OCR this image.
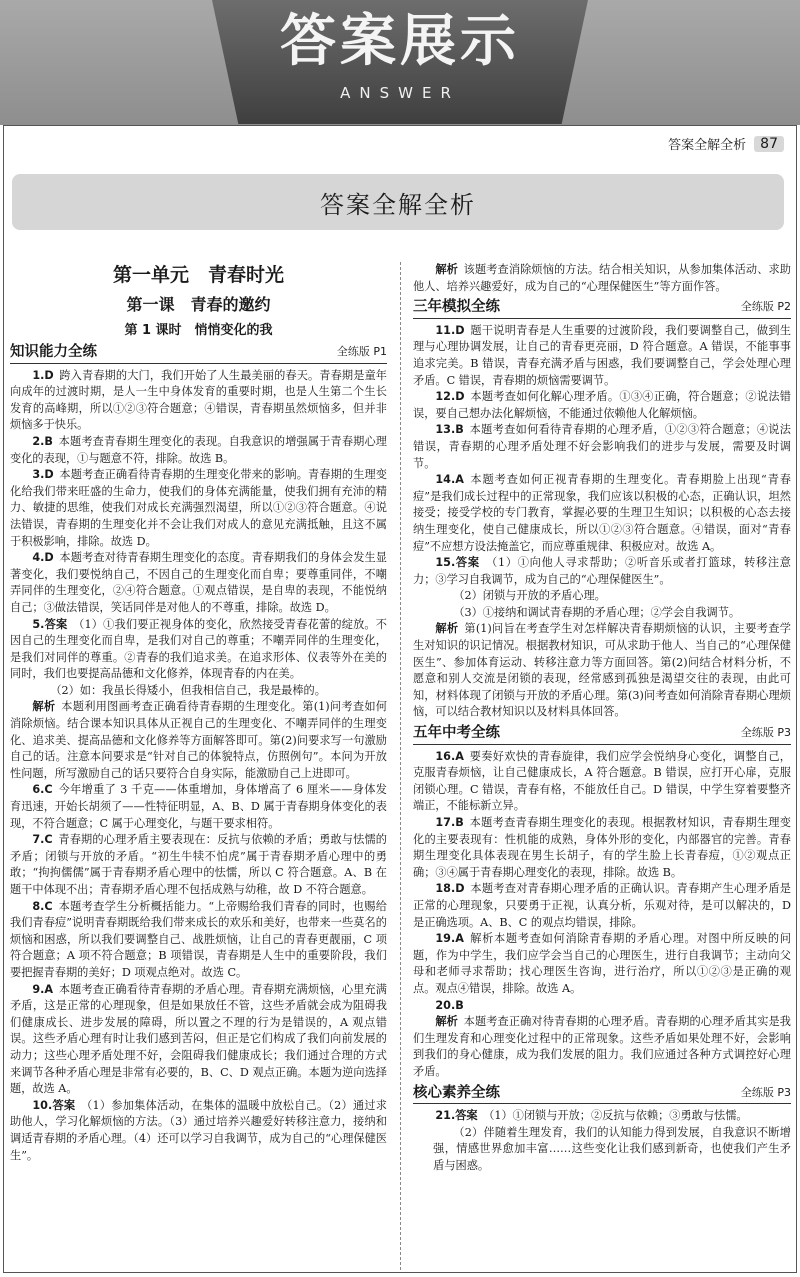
答案展示
ANSWER
答案全解全析	87
答案全解全析
第一单元　青春时光
第一课　青春的邀约
第 1 课时　悄悄变化的我
知识能力全练	全练版 P1

1.D  跨入青春期的大门，我们开始了人生最美丽的春天。青春期是童年向成年的过渡时期，是人一生中身体发育的重要时期，也是人生第二个生长发育的高峰期，所以①②③符合题意；④错误，青春期虽然烦恼多，但并非烦恼多于快乐。

2.B  本题考查青春期生理变化的表现。自我意识的增强属于青春期心理变化的表现，①与题意不符，排除。故选 B。

3.D  本题考查正确看待青春期的生理变化带来的影响。青春期的生理变化给我们带来旺盛的生命力，使我们的身体充满能量，使我们拥有充沛的精力、敏捷的思维，使我们对成长充满强烈渴望，所以①②③符合题意。④说法错误，青春期的生理变化并不会让我们对成人的意见充满抵触，且这不属于积极影响，排除。故选 D。

4.D  本题考查对待青春期生理变化的态度。青春期我们的身体会发生显著变化，我们要悦纳自己，不因自己的生理变化而自卑；要尊重同伴，不嘲弄同伴的生理变化，②④符合题意。①观点错误，是自卑的表现，不能悦纳自己；③做法错误，笑话同伴是对他人的不尊重，排除。故选 D。

5.答案  （1）①我们要正视身体的变化，欣然接受青春花蕾的绽放。不因自己的生理变化而自卑，是我们对自己的尊重；不嘲弄同伴的生理变化，是我们对同伴的尊重。②青春的我们追求美。在追求形体、仪表等外在美的同时，我们也要提高品德和文化修养，体现青春的内在美。

（2）如：我虽长得矮小，但我相信自己，我是最棒的。

解析  本题利用图画考查正确看待青春期的生理变化。第(1)问考查如何消除烦恼。结合课本知识具体从正视自己的生理变化、不嘲弄同伴的生理变化、追求美、提高品德和文化修养等方面解答即可。第(2)问要求写一句激励自己的话。注意本问要求是“针对自己的体貌特点，仿照例句”。本问为开放性问题，所写激励自己的话只要符合自身实际，能激励自己上进即可。

6.C  今年增重了 3 千克——体重增加，身体增高了 6 厘米——身体发育迅速，开始长胡须了——性特征明显，A、B、D 属于青春期身体变化的表现，不符合题意；C 属于心理变化，与题干要求相符。

7.C  青春期的心理矛盾主要表现在：反抗与依赖的矛盾；勇敢与怯懦的矛盾；闭锁与开放的矛盾。“初生牛犊不怕虎”属于青春期矛盾心理中的勇敢；“拘拘儒儒”属于青春期矛盾心理中的怯懦，所以 C 符合题意。A、B 在题干中体现不出；青春期矛盾心理不包括成熟与幼稚，故 D 不符合题意。

8.C  本题考查学生分析概括能力。“上帝赐给我们青春的同时，也赐给我们青春痘”说明青春期既给我们带来成长的欢乐和美好，也带来一些莫名的烦恼和困惑，所以我们要调整自己、战胜烦恼，让自己的青春更靓丽，C 项符合题意；A 项不符合题意；B 项错误，青春期是人生中的重要阶段，我们要把握青春期的美好；D 项观点绝对。故选 C。

9.A  本题考查正确看待青春期的矛盾心理。青春期充满烦恼，心里充满矛盾，这是正常的心理现象，但是如果放任不管，这些矛盾就会成为阻碍我们健康成长、进步发展的障碍，所以置之不理的行为是错误的，A 观点错误。这些矛盾心理有时让我们感到苦闷，但正是它们构成了我们向前发展的动力；这些心理矛盾处理不好，会阻碍我们健康成长；我们通过合理的方式来调节各种矛盾心理是非常有必要的，B、C、D 观点正确。本题为逆向选择题，故选 A。

10.答案  （1）参加集体活动，在集体的温暖中放松自己。（2）通过求助他人，学习化解烦恼的方法。（3）通过培养兴趣爱好转移注意力，接纳和调适青春期的矛盾心理。（4）还可以学习自我调节，成为自己的“心理保健医生”。

解析  该题考查消除烦恼的方法。结合相关知识，从参加集体活动、求助他人、培养兴趣爱好，成为自己的“心理保健医生”等方面作答。

三年模拟全练	全练版 P2

11.D  题干说明青春是人生重要的过渡阶段，我们要调整自己，做到生理与心理协调发展，让自己的青春更亮丽，D 符合题意。A 错误，不能事事追求完美。B 错误，青春充满矛盾与困惑，我们要调整自己，学会处理心理矛盾。C 错误，青春期的烦恼需要调节。

12.D  本题考查如何化解心理矛盾。①③④正确，符合题意；②说法错误，要自己想办法化解烦恼，不能通过依赖他人化解烦恼。

13.B  本题考查如何看待青春期的心理矛盾，①②③符合题意；④说法错误，青春期的心理矛盾处理不好会影响我们的进步与发展，需要及时调节。

14.A  本题考查如何正视青春期的生理变化。青春期脸上出现“青春痘”是我们成长过程中的正常现象，我们应该以积极的心态，正确认识，坦然接受；接受学校的专门教育，掌握必要的生理卫生知识；以积极的心态去接纳生理变化，使自己健康成长，所以①②③符合题意。④错误，面对“青春痘”不应想方设法掩盖它，而应尊重规律、积极应对。故选 A。

15.答案  （1）①向他人寻求帮助；②听音乐或者打篮球，转移注意力；③学习自我调节，成为自己的“心理保健医生”。

（2）闭锁与开放的矛盾心理。

（3）①接纳和调试青春期的矛盾心理；②学会自我调节。

解析  第(1)问旨在考查学生对怎样解决青春期烦恼的认识，主要考查学生对知识的识记情况。根据教材知识，可从求助于他人、当自己的“心理保健医生”、参加体育运动、转移注意力等方面回答。第(2)问结合材料分析，不愿意和别人交流是闭锁的表现，经常感到孤独是渴望交往的表现，由此可知，材料体现了闭锁与开放的矛盾心理。第(3)问考查如何消除青春期心理烦恼，可以结合教材知识以及材料具体回答。

五年中考全练	全练版 P3

16.A  要奏好欢快的青春旋律，我们应学会悦纳身心变化，调整自己，克服青春烦恼，让自己健康成长，A 符合题意。B 错误，应打开心扉，克服闭锁心理。C 错误，青春有格，不能放任自己。D 错误，中学生穿着要整齐端正，不能标新立异。

17.B  本题考查青春期生理变化的表现。根据教材知识，青春期生理变化的主要表现有：性机能的成熟，身体外形的变化，内部器官的完善。青春期生理变化具体表现在男生长胡子，有的学生脸上长青春痘，①②观点正确；③④属于青春期心理变化的表现，排除。故选 B。

18.D  本题考查对青春期心理矛盾的正确认识。青春期产生心理矛盾是正常的心理现象，只要勇于正视，认真分析，乐观对待，是可以解决的，D 是正确选项。A、B、C 的观点均错误，排除。

19.A  解析本题考查如何消除青春期的矛盾心理。对图中所反映的问题，作为中学生，我们应学会当自己的心理医生，进行自我调节；主动向父母和老师寻求帮助；找心理医生咨询，进行治疗，所以①②③是正确的观点。观点④错误，排除。故选 A。

20.B 

解析  本题考查正确对待青春期的心理矛盾。青春期的心理矛盾其实是我们生理发育和心理变化过程中的正常现象。这些矛盾如果处理不好，会影响到我们的身心健康，成为我们发展的阻力。我们应通过各种方式调控好心理矛盾。

核心素养全练	全练版 P3

21.答案  （1）①闭锁与开放；②反抗与依赖；③勇敢与怯懦。

（2）伴随着生理发育，我们的认知能力得到发展，自我意识不断增强，情感世界愈加丰富……这些变化让我们感到新奇，也使我们产生矛盾与困惑。
